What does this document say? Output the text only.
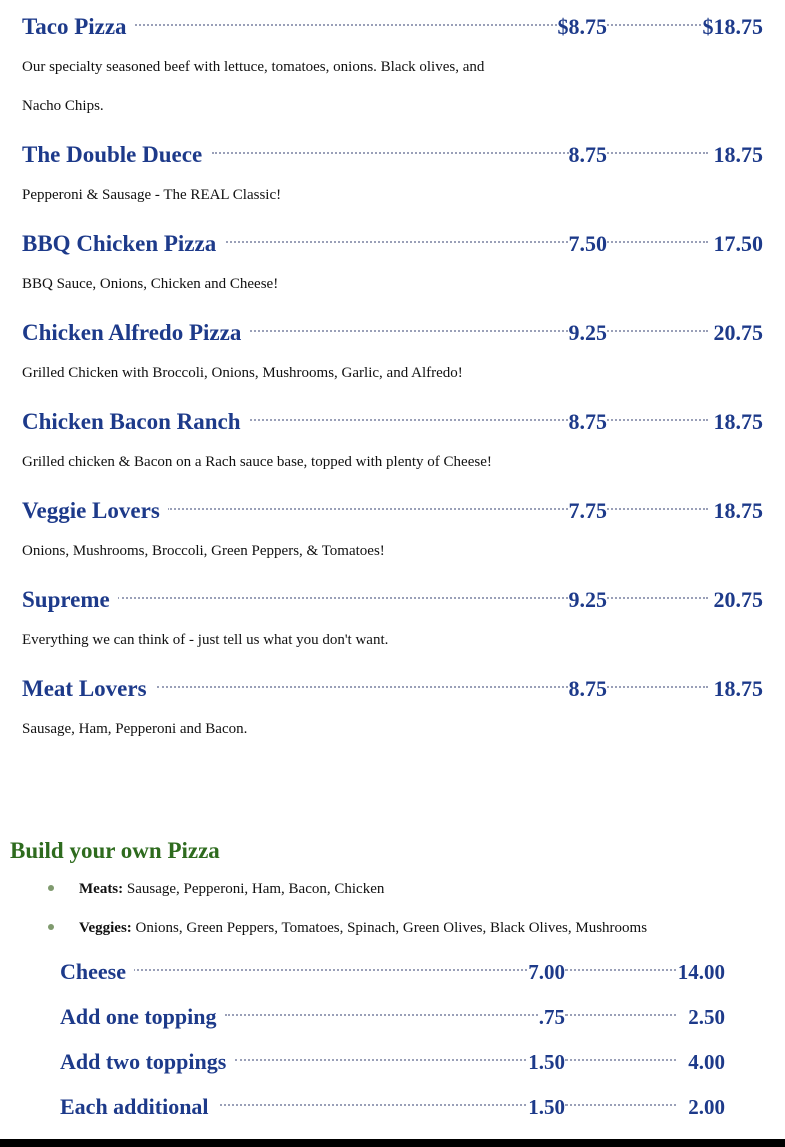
Taco Pizza	$8.75	$18.75
Our specialty seasoned beef with lettuce, tomatoes, onions. Black olives, and Nacho Chips.
The Double Duece	8.75	18.75
Pepperoni & Sausage - The REAL Classic!
BBQ Chicken Pizza	7.50	17.50
BBQ Sauce, Onions, Chicken and Cheese!
Chicken Alfredo Pizza	9.25	20.75
Grilled Chicken with Broccoli, Onions, Mushrooms, Garlic, and Alfredo!
Chicken Bacon Ranch	8.75	18.75
Grilled chicken & Bacon on a Rach sauce base, topped with plenty of Cheese!
Veggie Lovers	7.75	18.75
Onions, Mushrooms, Broccoli, Green Peppers, & Tomatoes!
Supreme	9.25	20.75
Everything we can think of - just tell us what you don't want.
Meat Lovers	8.75	18.75
Sausage, Ham, Pepperoni and Bacon.
Build your own Pizza
Meats: Sausage, Pepperoni, Ham, Bacon, Chicken
Veggies: Onions, Green Peppers, Tomatoes, Spinach, Green Olives, Black Olives, Mushrooms
Cheese	7.00	14.00
Add one topping	.75	2.50
Add two toppings	1.50	4.00
Each additional	1.50	2.00
